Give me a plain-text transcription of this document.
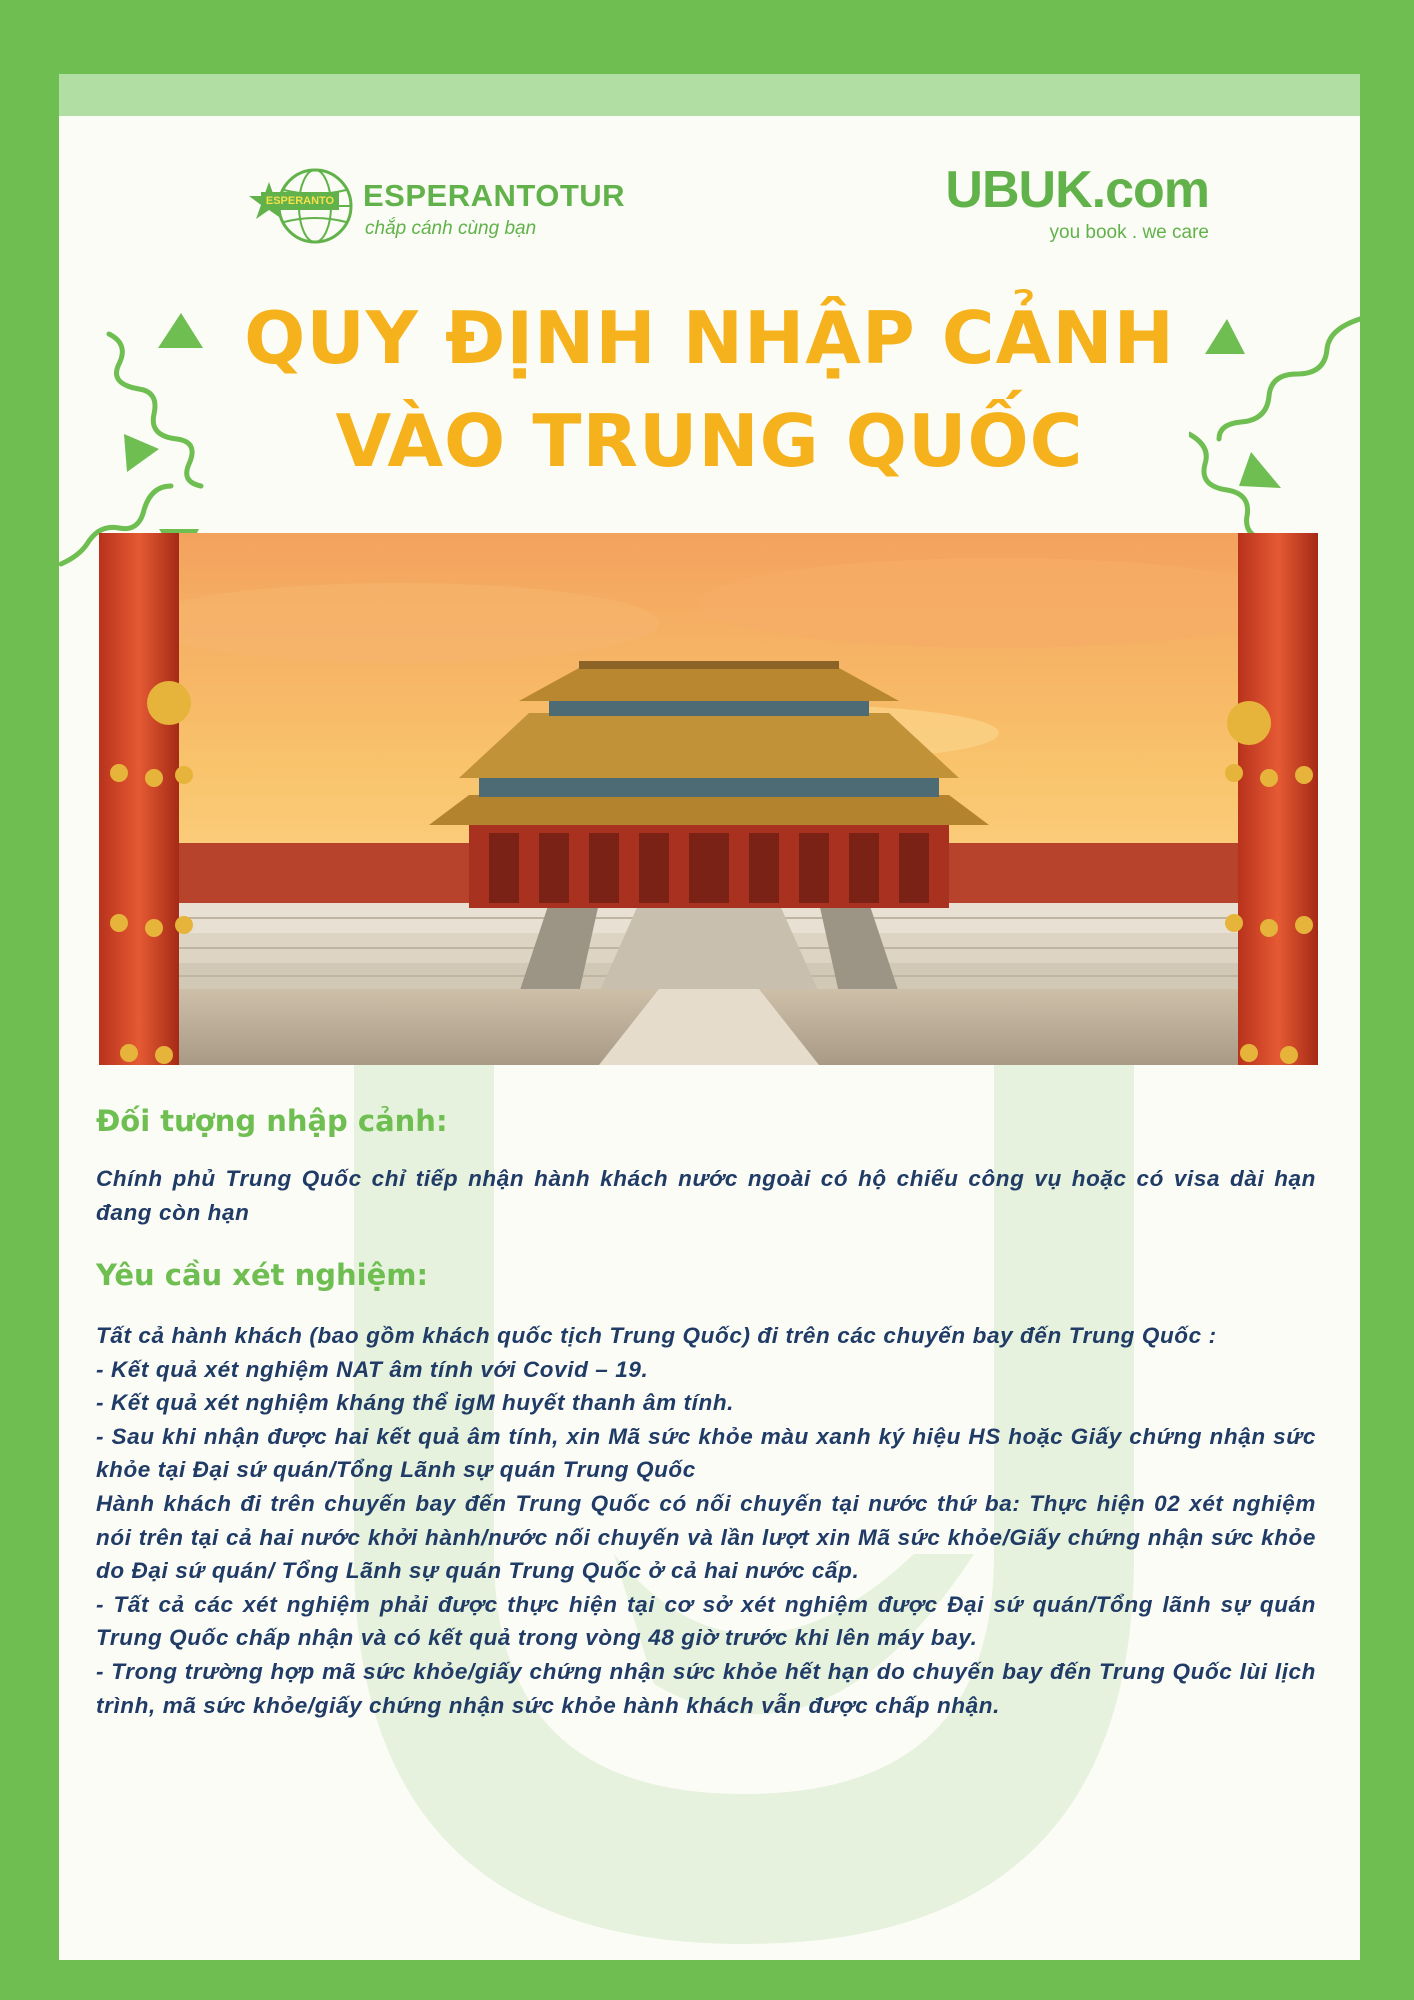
ESPERANTO ESPERANTOTUR
chắp cánh cùng bạn
UBUK.com
you book . we care
QUY ĐỊNH NHẬP CẢNH
VÀO TRUNG QUỐC
Đối tượng nhập cảnh:
Chính phủ Trung Quốc chỉ tiếp nhận hành khách nước ngoài có hộ chiếu công vụ hoặc có visa dài hạn đang còn hạn
Yêu cầu xét nghiệm:
Tất cả hành khách (bao gồm khách quốc tịch Trung Quốc) đi trên các chuyến bay đến Trung Quốc :
- Kết quả xét nghiệm NAT âm tính với Covid – 19.
- Kết quả xét nghiệm kháng thể igM huyết thanh âm tính.
- Sau khi nhận được hai kết quả âm tính, xin Mã sức khỏe màu xanh ký hiệu HS hoặc Giấy chứng nhận sức khỏe tại Đại sứ quán/Tổng Lãnh sự quán Trung Quốc
Hành khách đi trên chuyến bay đến Trung Quốc có nối chuyến tại nước thứ ba: Thực hiện 02 xét nghiệm nói trên tại cả hai nước khởi hành/nước nối chuyến và lần lượt xin Mã sức khỏe/Giấy chứng nhận sức khỏe do Đại sứ quán/ Tổng Lãnh sự quán Trung Quốc ở cả hai nước cấp.
- Tất cả các xét nghiệm phải được thực hiện tại cơ sở xét nghiệm được Đại sứ quán/Tổng lãnh sự quán Trung Quốc chấp nhận và có kết quả trong vòng 48 giờ trước khi lên máy bay.
- Trong trường hợp mã sức khỏe/giấy chứng nhận sức khỏe hết hạn do chuyến bay đến Trung Quốc lùi lịch trình, mã sức khỏe/giấy chứng nhận sức khỏe hành khách vẫn được chấp nhận.
